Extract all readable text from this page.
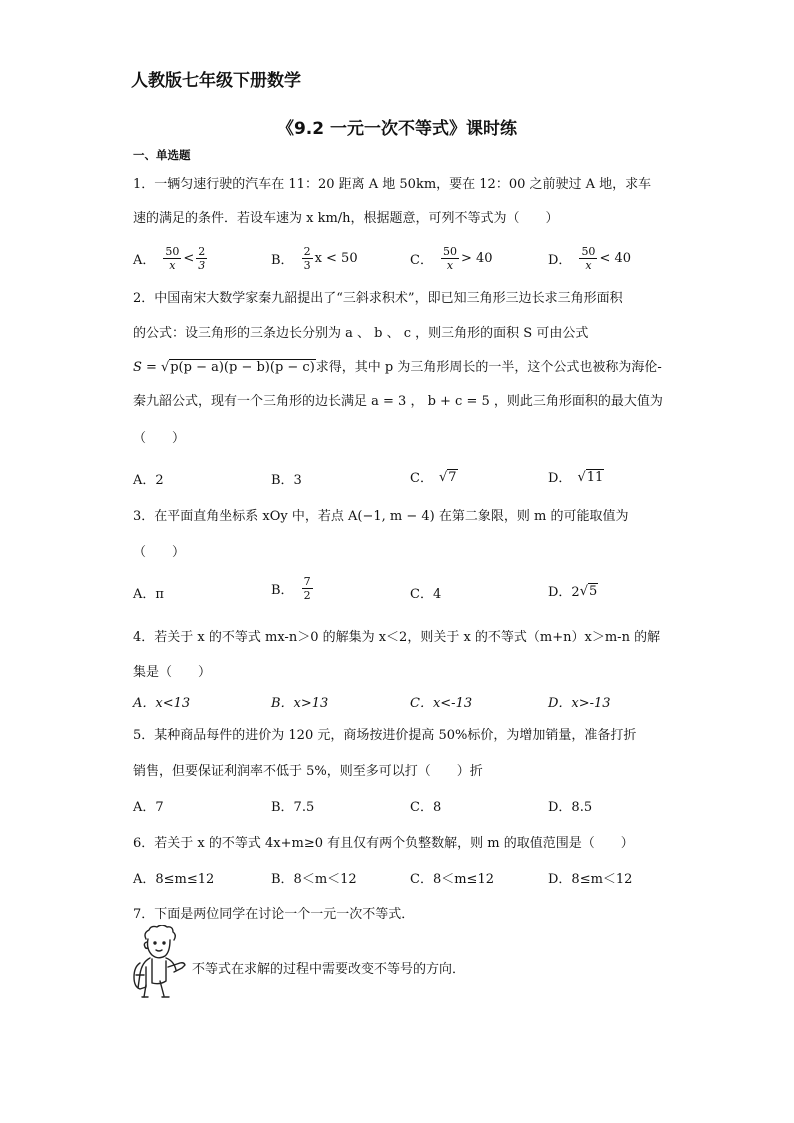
人教版七年级下册数学
《9.2 一元一次不等式》课时练
一、单选题
1．一辆匀速行驶的汽车在 11：20 距离 A 地 50km，要在 12：00 之前驶过 A 地，求车
速的满足的条件．若设车速为 x km/h，根据题意，可列不等式为（　　）
A． $\frac{50}{x} < \frac{2}{3}$	B． $\frac{2}{3}$ x < 50	C． $\frac{50}{x} > 40$	D． $\frac{50}{x} < 40$
2．中国南宋大数学家秦九韶提出了“三斜求积术”，即已知三角形三边长求三角形面积
的公式：设三角形的三条边长分别为 a 、 b 、 c ，则三角形的面积 S 可由公式
S = √ p(p − a)(p − b)(p − c) 求得，其中 p 为三角形周长的一半，这个公式也被称为海伦-
秦九韶公式，现有一个三角形的边长满足 a = 3 ， b + c = 5 ，则此三角形面积的最大值为
（　　）
A．2	B．3	C． √ 7	D． √ 11
3．在平面直角坐标系 xOy 中，若点 A(−1, m − 4) 在第二象限，则 m 的可能取值为
（　　）
A．π	B． $\frac{7}{2}$	C．4	D．2 √ 5
4．若关于 x 的不等式 mx-n＞0 的解集为 x＜2，则关于 x 的不等式（m+n）x＞m-n 的解
集是（　　）
A．x<13	B．x>13	C．x<-13	D．x>-13
5．某种商品每件的进价为 120 元，商场按进价提高 50%标价，为增加销量，准备打折
销售，但要保证利润率不低于 5%，则至多可以打（　　）折
A．7	B．7.5	C．8	D．8.5
6．若关于 x 的不等式 4x+m≥0 有且仅有两个负整数解，则 m 的取值范围是（　　）
A．8≤m≤12	B．8＜m＜12	C．8＜m≤12	D．8≤m＜12
7．下面是两位同学在讨论一个一元一次不等式．
不等式在求解的过程中需要改变不等号的方向．
